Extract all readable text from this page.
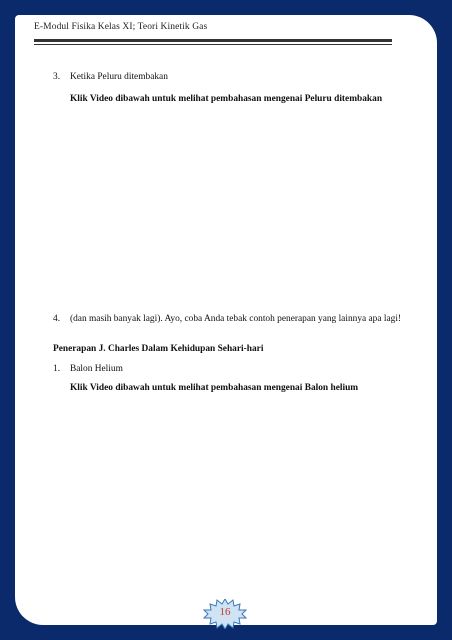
E-Modul Fisika Kelas XI; Teori Kinetik Gas
3. Ketika Peluru ditembakan
Klik Video dibawah untuk melihat pembahasan mengenai Peluru ditembakan
4. (dan masih banyak lagi). Ayo, coba Anda tebak contoh penerapan yang lainnya apa lagi!
Penerapan J. Charles Dalam Kehidupan Sehari-hari
1. Balon Helium
Klik Video dibawah untuk melihat pembahasan mengenai Balon helium
16
